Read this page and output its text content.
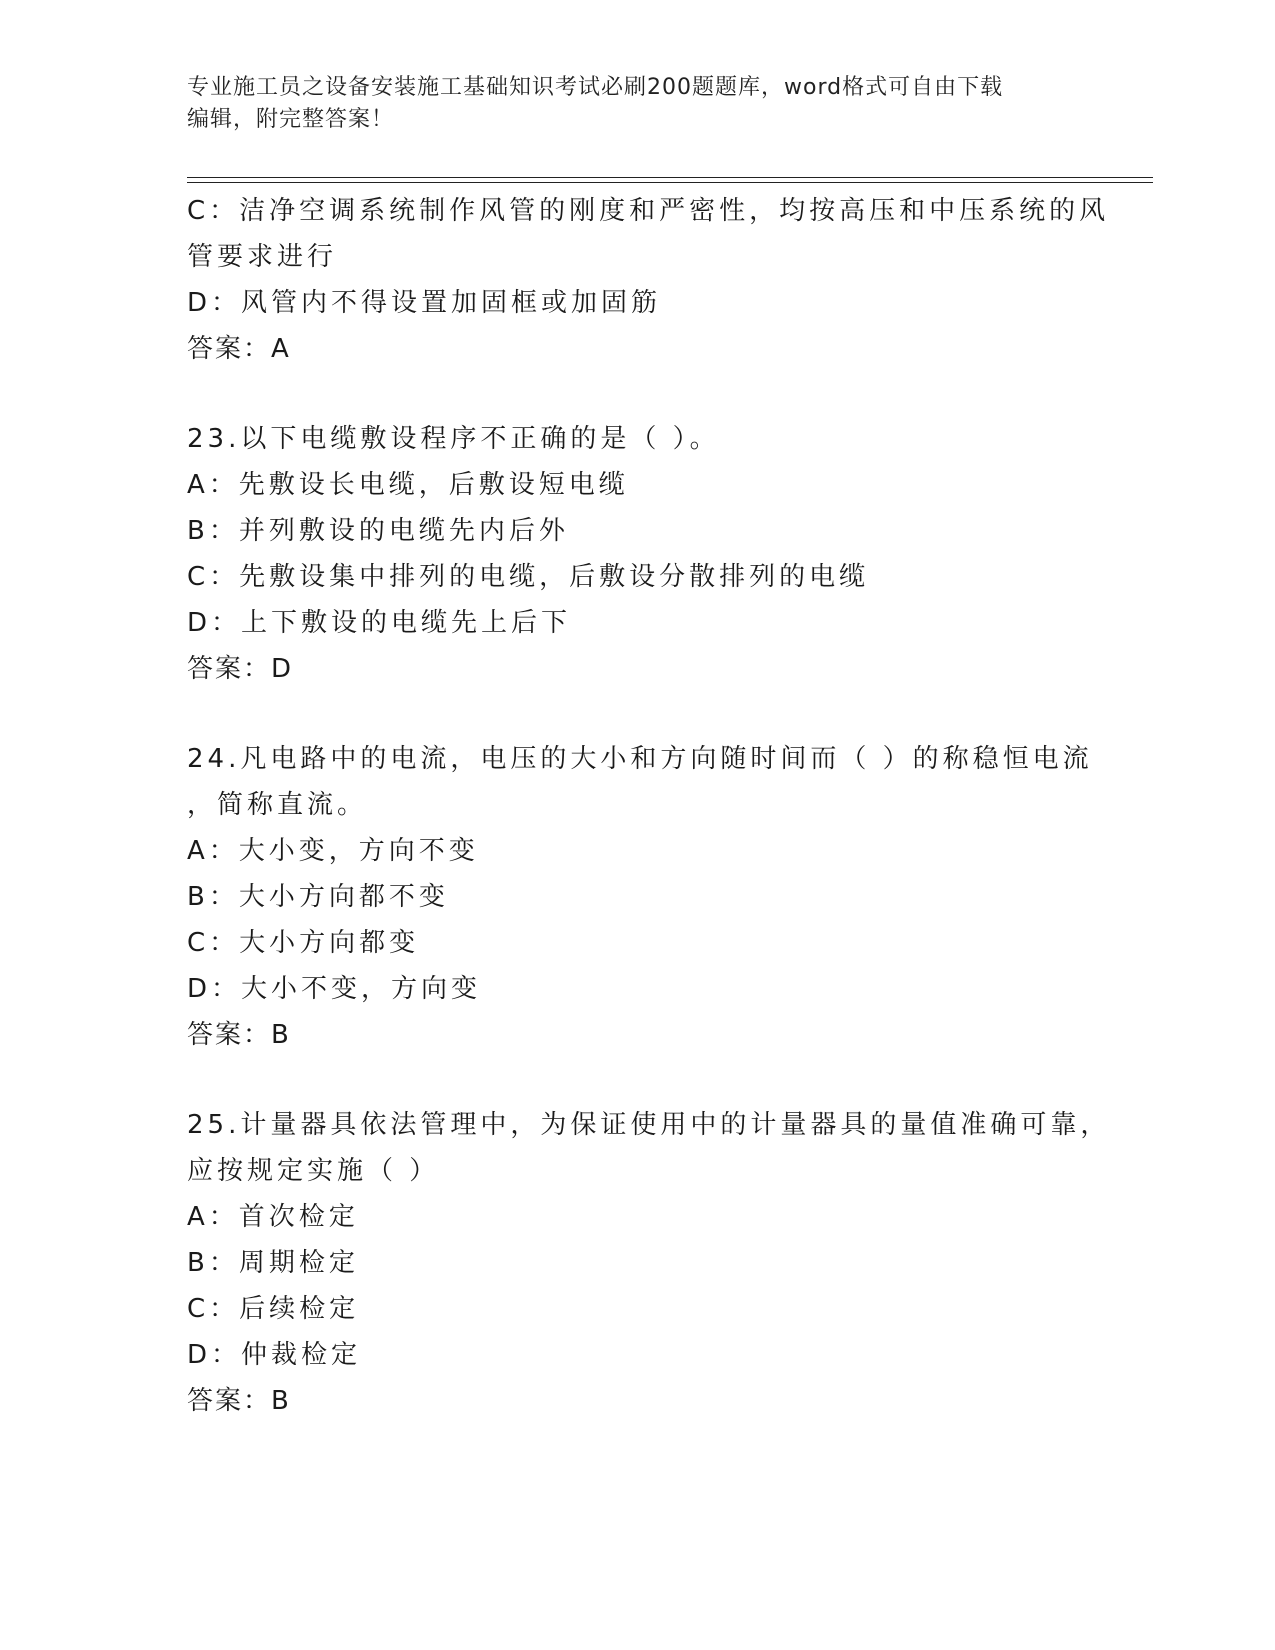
专业施工员之设备安装施工基础知识考试必刷200题题库，word格式可自由下载
编辑，附完整答案！
C：洁净空调系统制作风管的刚度和严密性，均按高压和中压系统的风
管要求进行
D：风管内不得设置加固框或加固筋
答案：A
23.以下电缆敷设程序不正确的是（ ）。
A：先敷设长电缆，后敷设短电缆
B：并列敷设的电缆先内后外
C：先敷设集中排列的电缆，后敷设分散排列的电缆
D：上下敷设的电缆先上后下
答案：D
24.凡电路中的电流，电压的大小和方向随时间而（ ）的称稳恒电流
，简称直流。
A：大小变，方向不变
B：大小方向都不变
C：大小方向都变
D：大小不变，方向变
答案：B
25.计量器具依法管理中，为保证使用中的计量器具的量值准确可靠，
应按规定实施（ ）
A：首次检定
B：周期检定
C：后续检定
D：仲裁检定
答案：B
